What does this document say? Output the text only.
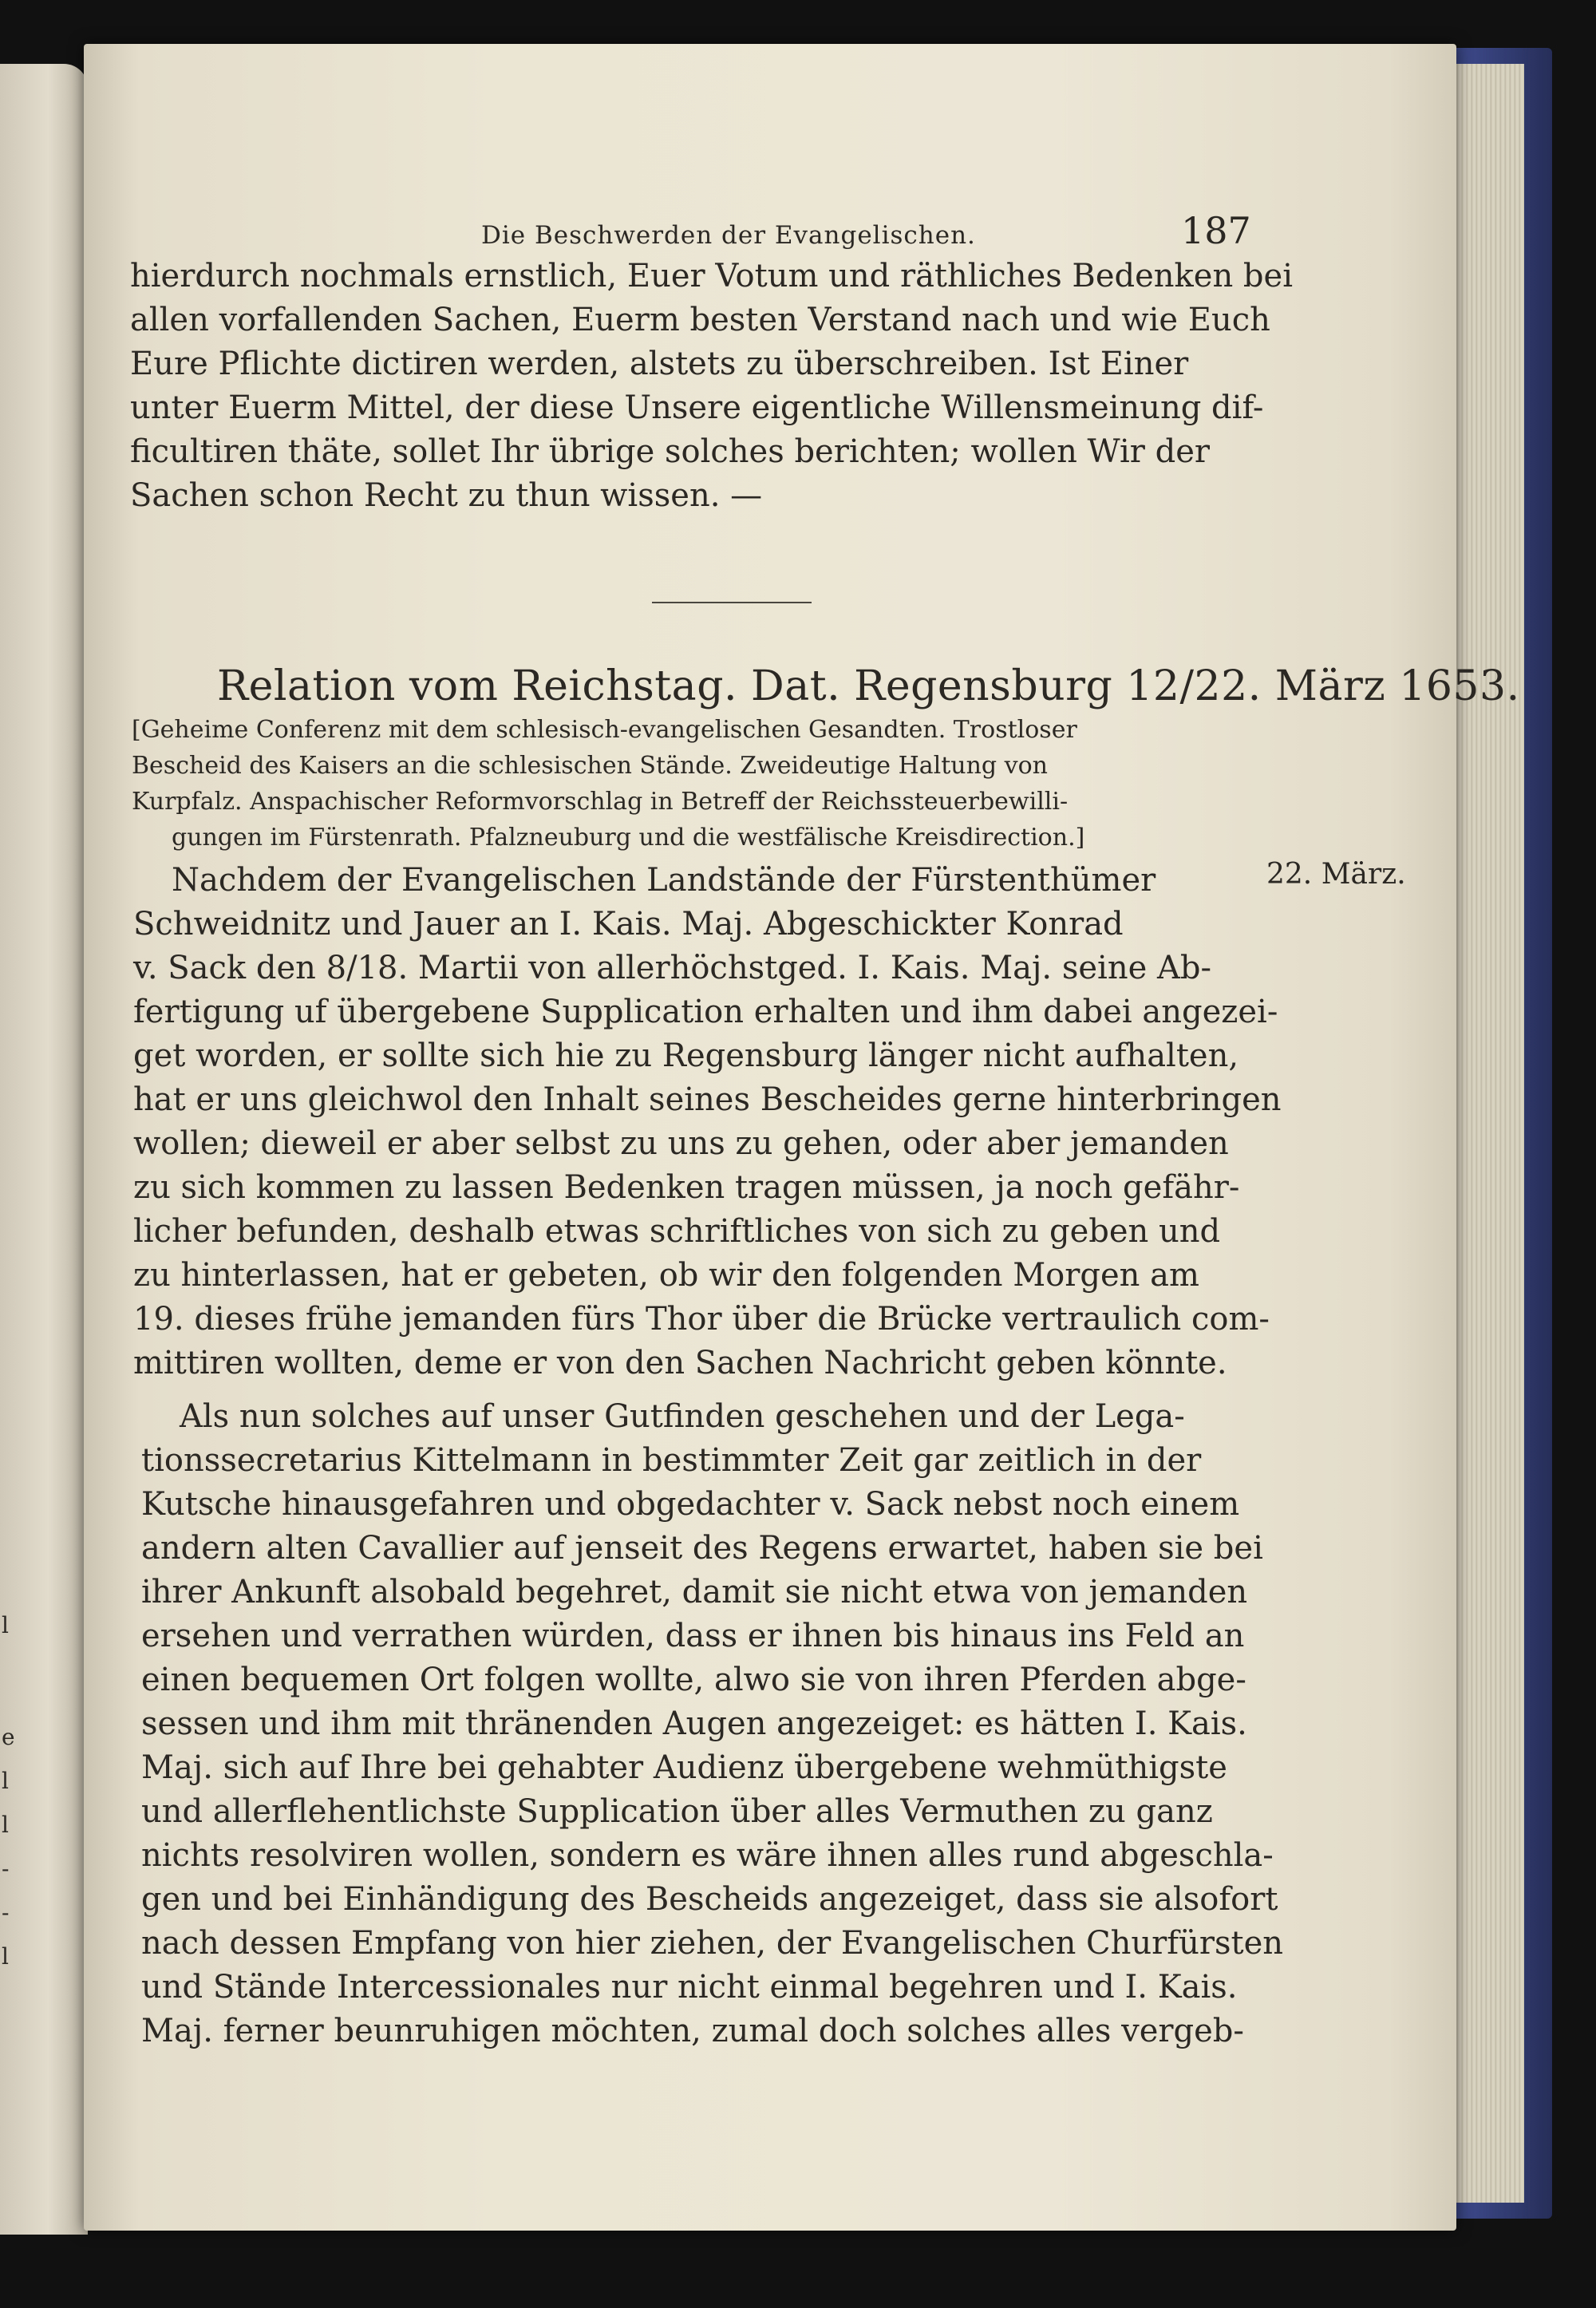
Die Beschwerden der Evangelischen.	187
hierdurch nochmals ernstlich, Euer Votum und räthliches Bedenken bei
allen vorfallenden Sachen, Euerm besten Verstand nach und wie Euch
Eure Pflichte dictiren werden, alstets zu überschreiben. Ist Einer
unter Euerm Mittel, der diese Unsere eigentliche Willensmeinung dif-
ficultiren thäte, sollet Ihr übrige solches berichten; wollen Wir der
Sachen schon Recht zu thun wissen. —
Relation vom Reichstag. Dat. Regensburg 12/22. März 1653.
[Geheime Conferenz mit dem schlesisch-evangelischen Gesandten. Trostloser
Bescheid des Kaisers an die schlesischen Stände. Zweideutige Haltung von
Kurpfalz. Anspachischer Reformvorschlag in Betreff der Reichssteuerbewilli-
gungen im Fürstenrath. Pfalzneuburg und die westfälische Kreisdirection.]
22. März.
Nachdem der Evangelischen Landstände der Fürstenthümer
Schweidnitz und Jauer an I. Kais. Maj. Abgeschickter Konrad
v. Sack den 8/18. Martii von allerhöchstged. I. Kais. Maj. seine Ab-
fertigung uf übergebene Supplication erhalten und ihm dabei angezei-
get worden, er sollte sich hie zu Regensburg länger nicht aufhalten,
hat er uns gleichwol den Inhalt seines Bescheides gerne hinterbringen
wollen; dieweil er aber selbst zu uns zu gehen, oder aber jemanden
zu sich kommen zu lassen Bedenken tragen müssen, ja noch gefähr-
licher befunden, deshalb etwas schriftliches von sich zu geben und
zu hinterlassen, hat er gebeten, ob wir den folgenden Morgen am
19. dieses frühe jemanden fürs Thor über die Brücke vertraulich com-
mittiren wollten, deme er von den Sachen Nachricht geben könnte.
Als nun solches auf unser Gutfinden geschehen und der Lega-
tionssecretarius Kittelmann in bestimmter Zeit gar zeitlich in der
Kutsche hinausgefahren und obgedachter v. Sack nebst noch einem
andern alten Cavallier auf jenseit des Regens erwartet, haben sie bei
ihrer Ankunft alsobald begehret, damit sie nicht etwa von jemanden
ersehen und verrathen würden, dass er ihnen bis hinaus ins Feld an
einen bequemen Ort folgen wollte, alwo sie von ihren Pferden abge-
sessen und ihm mit thränenden Augen angezeiget: es hätten I. Kais.
Maj. sich auf Ihre bei gehabter Audienz übergebene wehmüthigste
und allerflehentlichste Supplication über alles Vermuthen zu ganz
nichts resolviren wollen, sondern es wäre ihnen alles rund abgeschla-
gen und bei Einhändigung des Bescheids angezeiget, dass sie alsofort
nach dessen Empfang von hier ziehen, der Evangelischen Churfürsten
und Stände Intercessionales nur nicht einmal begehren und I. Kais.
Maj. ferner beunruhigen möchten, zumal doch solches alles vergeb-
l
e
l
l
-
-
l
